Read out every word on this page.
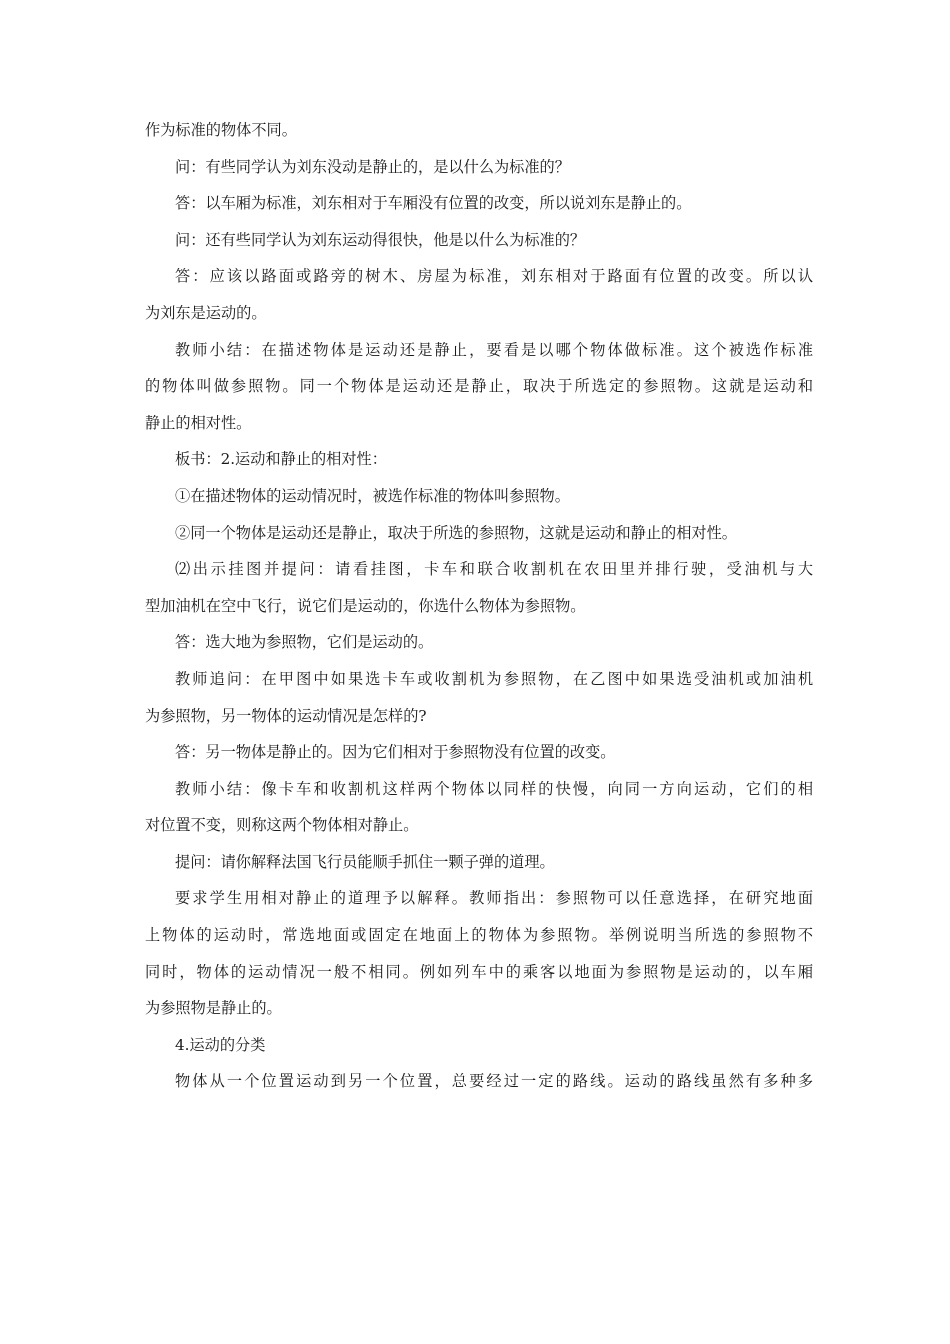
作为标准的物体不同。
问：有些同学认为刘东没动是静止的，是以什么为标准的？
答：以车厢为标准，刘东相对于车厢没有位置的改变，所以说刘东是静止的。
问：还有些同学认为刘东运动得很快，他是以什么为标准的？
答：应该以路面或路旁的树木、房屋为标准，刘东相对于路面有位置的改变。所以认
为刘东是运动的。
教师小结：在描述物体是运动还是静止，要看是以哪个物体做标准。这个被选作标准
的物体叫做参照物。同一个物体是运动还是静止，取决于所选定的参照物。这就是运动和
静止的相对性。
板书：2.运动和静止的相对性：
①在描述物体的运动情况时，被选作标准的物体叫参照物。
②同一个物体是运动还是静止，取决于所选的参照物，这就是运动和静止的相对性。
⑵出示挂图并提问：请看挂图，卡车和联合收割机在农田里并排行驶，受油机与大
型加油机在空中飞行，说它们是运动的，你选什么物体为参照物。
答：选大地为参照物，它们是运动的。
教师追问：在甲图中如果选卡车或收割机为参照物，在乙图中如果选受油机或加油机
为参照物，另一物体的运动情况是怎样的?
答：另一物体是静止的。因为它们相对于参照物没有位置的改变。
教师小结：像卡车和收割机这样两个物体以同样的快慢，向同一方向运动，它们的相
对位置不变，则称这两个物体相对静止。
提问：请你解释法国飞行员能顺手抓住一颗子弹的道理。
要求学生用相对静止的道理予以解释。教师指出：参照物可以任意选择，在研究地面
上物体的运动时，常选地面或固定在地面上的物体为参照物。举例说明当所选的参照物不
同时，物体的运动情况一般不相同。例如列车中的乘客以地面为参照物是运动的，以车厢
为参照物是静止的。
4.运动的分类
物体从一个位置运动到另一个位置，总要经过一定的路线。运动的路线虽然有多种多
